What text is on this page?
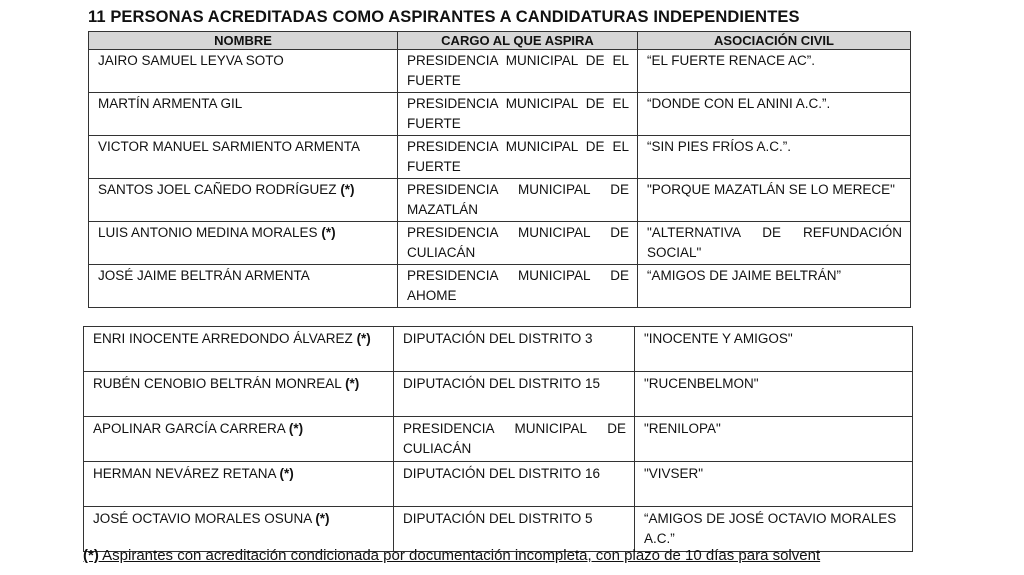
11 PERSONAS ACREDITADAS COMO ASPIRANTES A CANDIDATURAS INDEPENDIENTES
NOMBRE	CARGO AL QUE ASPIRA	ASOCIACIÓN CIVIL
JAIRO SAMUEL LEYVA SOTO	PRESIDENCIA MUNICIPAL DE EL FUERTE	“EL FUERTE RENACE AC”.
MARTÍN ARMENTA GIL	PRESIDENCIA MUNICIPAL DE EL FUERTE	“DONDE CON EL ANINI A.C.”.
VICTOR MANUEL SARMIENTO ARMENTA	PRESIDENCIA MUNICIPAL DE EL FUERTE	“SIN PIES FRÍOS A.C.”.
SANTOS JOEL CAÑEDO RODRÍGUEZ (*)	PRESIDENCIA MUNICIPAL DE MAZATLÁN	"PORQUE MAZATLÁN SE LO MERECE"
LUIS ANTONIO MEDINA MORALES (*)	PRESIDENCIA MUNICIPAL DE CULIACÁN	"ALTERNATIVA DE REFUNDACIÓN SOCIAL"
JOSÉ JAIME BELTRÁN ARMENTA	PRESIDENCIA MUNICIPAL DE AHOME	“AMIGOS DE JAIME BELTRÁN”
ENRI INOCENTE ARREDONDO ÁLVAREZ (*)	DIPUTACIÓN DEL DISTRITO 3	"INOCENTE Y AMIGOS"
RUBÉN CENOBIO BELTRÁN MONREAL (*)	DIPUTACIÓN DEL DISTRITO 15	"RUCENBELMON"
APOLINAR GARCÍA CARRERA (*)	PRESIDENCIA MUNICIPAL DE CULIACÁN	"RENILOPA"
HERMAN NEVÁREZ RETANA (*)	DIPUTACIÓN DEL DISTRITO 16	"VIVSER"
JOSÉ OCTAVIO MORALES OSUNA (*)	DIPUTACIÓN DEL DISTRITO 5	“AMIGOS DE JOSÉ OCTAVIO MORALES A.C.”
(*) Aspirantes con acreditación condicionada por documentación incompleta, con plazo de 10 días para solvent
